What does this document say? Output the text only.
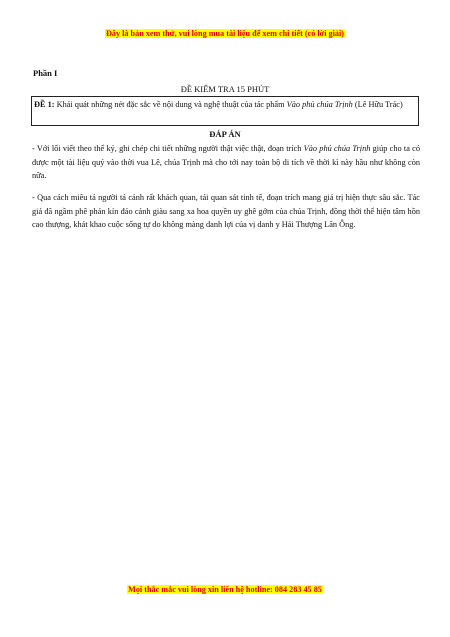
Đây là bản xem thử, vui lòng mua tài liệu để xem chi tiết (có lời giải)
Phần I
ĐỀ KIỂM TRA 15 PHÚT
ĐỀ 1: Khái quát những nét đặc sắc về nội dung và nghệ thuật của tác phẩm Vào phủ chúa Trịnh (Lê Hữu Trác)
ĐÁP ÁN
- Với lối viết theo thể ký, ghi chép chi tiết những người thật việc thật, đoạn trích Vào phủ chúa Trịnh giúp cho ta có được một tài liệu quý vào thời vua Lê, chúa Trịnh mà cho tới nay toàn bộ di tích về thời kì này hầu như không còn nữa.
- Qua cách miêu tả người tả cảnh rất khách quan, tái quan sát tinh tế, đoạn trích mang giá trị hiện thực sâu sắc. Tác giả đã ngầm phê phán kín đáo cảnh giàu sang xa hoa quyền uy ghê gớm của chúa Trịnh, đồng thời thể hiện tâm hồn cao thượng, khát khao cuộc sống tự do không màng danh lợi của vị danh y Hải Thượng Lãn Ông.
Mọi thắc mắc vui lòng xin liên hệ hotline: 084 283 45 85
